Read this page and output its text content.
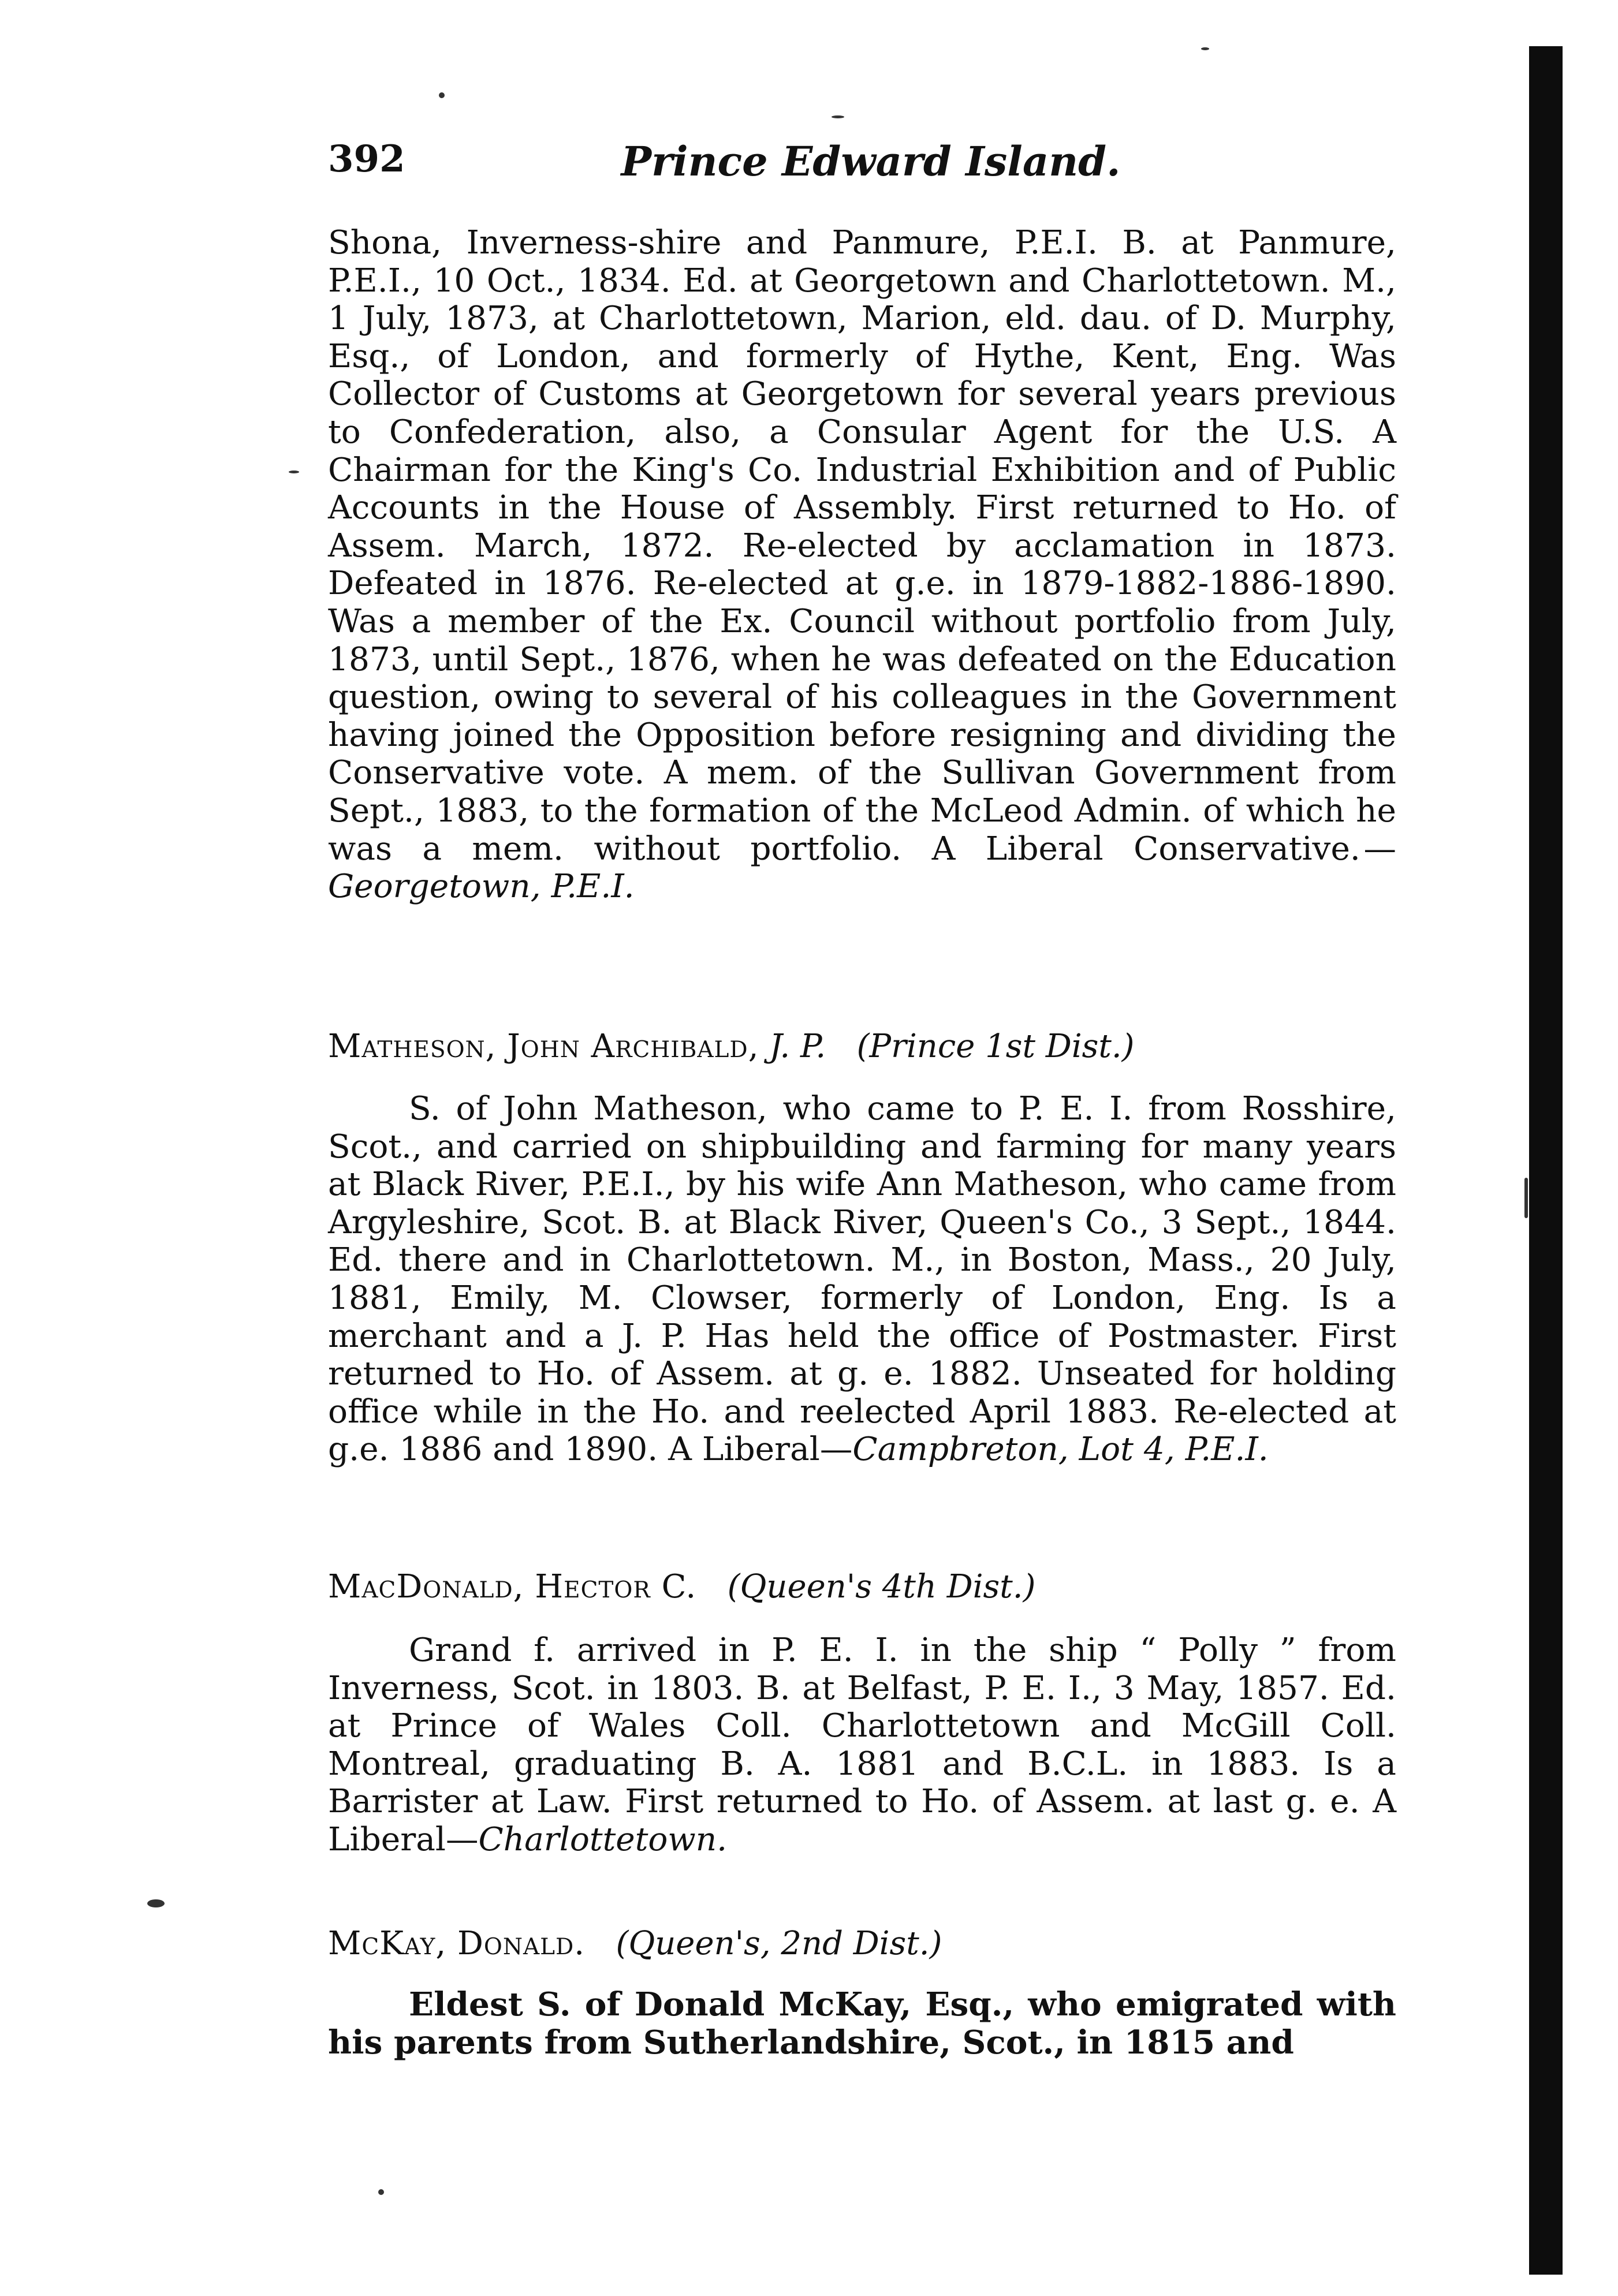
392	Prince Edward Island.

Shona, Inverness-shire and Panmure, P.E.I. B. at Panmure, P.E.I., 10 Oct., 1834. Ed. at Georgetown and Charlottetown. M., 1 July, 1873, at Charlottetown, Marion, eld. dau. of D. Murphy, Esq., of London, and formerly of Hythe, Kent, Eng. Was Collector of Customs at Georgetown for several years previous to Confederation, also, a Consular Agent for the U.S. A Chairman for the King's Co. Industrial Exhibition and of Public Accounts in the House of Assembly. First returned to Ho. of Assem. March, 1872. Re-elected by acclamation in 1873. Defeated in 1876. Re-elected at g.e. in 1879-1882-1886-1890. Was a member of the Ex. Council without portfolio from July, 1873, until Sept., 1876, when he was defeated on the Education question, owing to several of his colleagues in the Government having joined the Opposition before resigning and dividing the Conservative vote. A mem. of the Sullivan Government from Sept., 1883, to the formation of the McLeod Admin. of which he was a mem. without portfolio. A Liberal Conservative. —Georgetown, P.E.I.

Matheson, John Archibald, J. P. (Prince 1st Dist.)

S. of John Matheson, who came to P. E. I. from Rosshire, Scot., and carried on shipbuilding and farming for many years at Black River, P.E.I., by his wife Ann Matheson, who came from Argyleshire, Scot. B. at Black River, Queen's Co., 3 Sept., 1844. Ed. there and in Charlottetown. M., in Boston, Mass., 20 July, 1881, Emily, M. Clowser, formerly of London, Eng. Is a merchant and a J. P. Has held the office of Postmaster. First returned to Ho. of Assem. at g. e. 1882. Unseated for holding office while in the Ho. and reelected April 1883. Re-elected at g.e. 1886 and 1890. A Liberal—Campbreton, Lot 4, P.E.I.

MacDonald, Hector C. (Queen's 4th Dist.)

Grand f. arrived in P. E. I. in the ship “ Polly ” from Inverness, Scot. in 1803. B. at Belfast, P. E. I., 3 May, 1857. Ed. at Prince of Wales Coll. Charlottetown and McGill Coll. Montreal, graduating B. A. 1881 and B.C.L. in 1883. Is a Barrister at Law. First returned to Ho. of Assem. at last g. e. A Liberal—Charlottetown.

McKay, Donald. (Queen's, 2nd Dist.)

Eldest S. of Donald McKay, Esq., who emigrated with his parents from Sutherlandshire, Scot., in 1815 and
